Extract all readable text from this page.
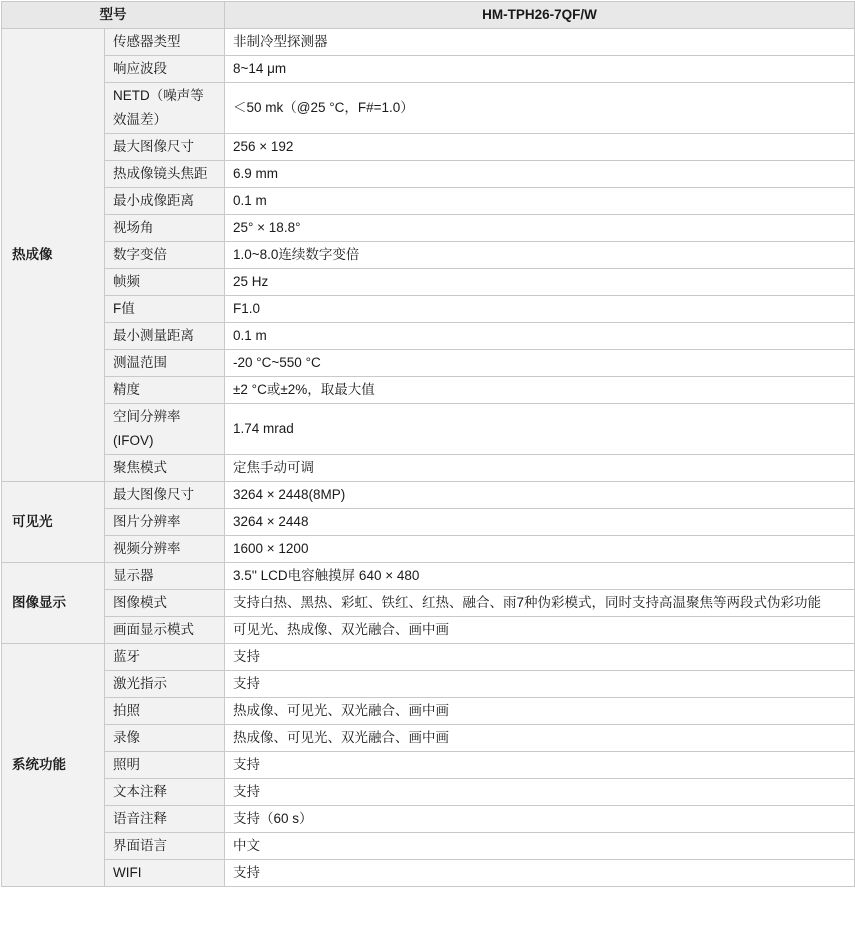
型号		HM-TPH26-7QF/W
热成像	传感器类型	非制冷型探测器
	响应波段	8~14 μm
	NETD（噪声等效温差）	＜50 mk（@25 °C，F#=1.0）
	最大图像尺寸	256 × 192
	热成像镜头焦距	6.9 mm
	最小成像距离	0.1 m
	视场角	25° × 18.8°
	数字变倍	1.0~8.0连续数字变倍
	帧频	25 Hz
	F值	F1.0
	最小测量距离	0.1 m
	测温范围	-20 °C~550 °C
	精度	±2 °C或±2%，取最大值
	空间分辨率(IFOV)	1.74 mrad
	聚焦模式	定焦手动可调
可见光	最大图像尺寸	3264 × 2448(8MP)
	图片分辨率	3264 × 2448
	视频分辨率	1600 × 1200
图像显示	显示器	3.5'' LCD电容触摸屏 640 × 480
	图像模式	支持白热、黑热、彩虹、铁红、红热、融合、雨7种伪彩模式，同时支持高温聚焦等两段式伪彩功能
	画面显示模式	可见光、热成像、双光融合、画中画
系统功能	蓝牙	支持
	激光指示	支持
	拍照	热成像、可见光、双光融合、画中画
	录像	热成像、可见光、双光融合、画中画
	照明	支持
	文本注释	支持
	语音注释	支持（60 s）
	界面语言	中文
	WIFI	支持
